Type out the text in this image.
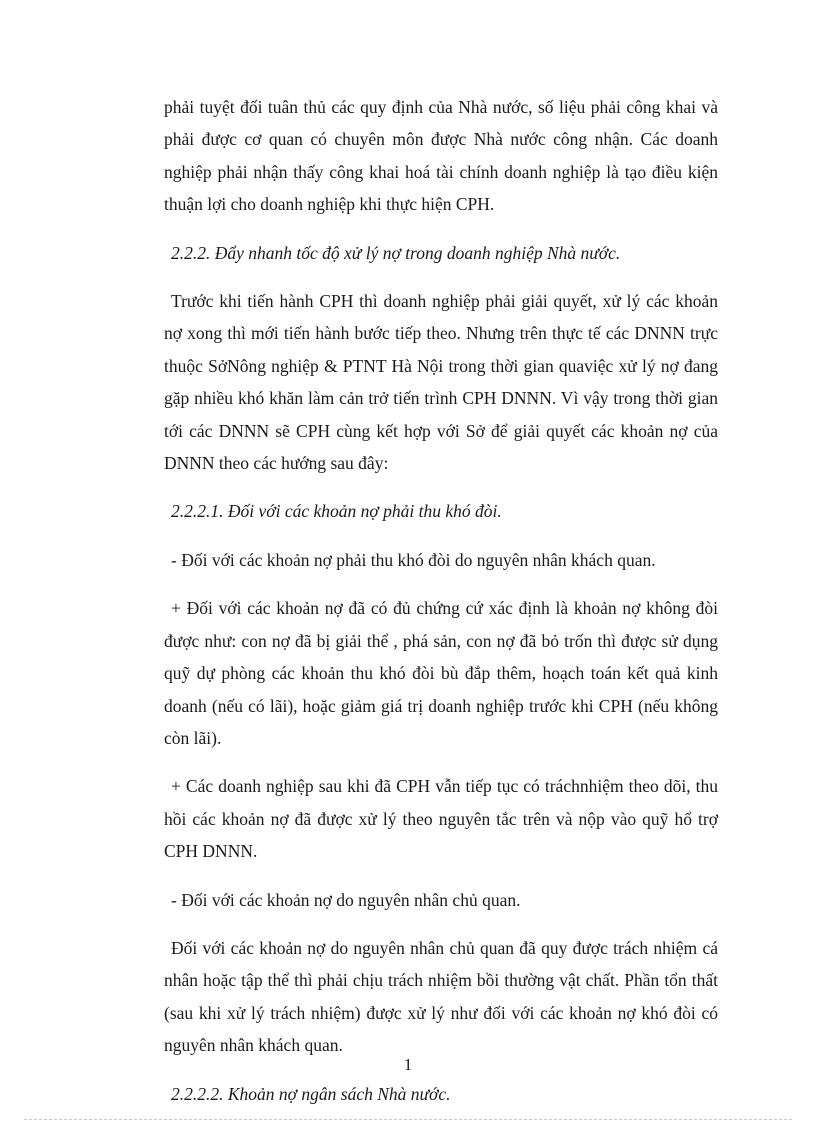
phải tuyệt đối tuân thủ các quy định của Nhà nước, số liệu phải công khai và phải được cơ quan có chuyên môn được Nhà nước công nhận. Các doanh nghiệp phải nhận thấy công khai hoá tài chính doanh nghiệp là tạo điều kiện thuận lợi cho doanh nghiệp khi thực hiện CPH.

2.2.2. Đẩy nhanh tốc độ xử lý nợ trong doanh nghiệp Nhà nước.

Trước khi tiến hành CPH thì doanh nghiệp phải giải quyết, xử lý các khoản nợ xong thì mới tiến hành bước tiếp theo. Nhưng trên thực tế các DNNN trực thuộc SởNông nghiệp & PTNT Hà Nội trong thời gian quaviệc xử lý nợ đang gặp nhiều khó khăn làm cản trở tiến trình CPH DNNN. Vì vậy trong thời gian tới các DNNN sẽ CPH cùng kết hợp với Sở để giải quyết các khoản nợ của DNNN theo các hướng sau đây:

2.2.2.1. Đối với các khoản nợ phải thu khó đòi.

- Đối với các khoản nợ phải thu khó đòi do nguyên nhân khách quan.

+ Đối với các khoản nợ đã có đủ chứng cứ xác định là khoản nợ không đòi được như: con nợ đã bị giải thể , phá sản, con nợ đã bỏ trốn thì được sử dụng quỹ dự phòng các khoản thu khó đòi bù đắp thêm, hoạch toán kết quả kinh doanh (nếu có lãi), hoặc giảm giá trị doanh nghiệp trước khi CPH (nếu không còn lãi).

+ Các doanh nghiệp sau khi đã CPH vẫn tiếp tục có tráchnhiệm theo dõi, thu hồi các khoản nợ đã được xử lý theo nguyên tắc trên và nộp vào quỹ hổ trợ CPH DNNN.

- Đối với các khoản nợ do nguyên nhân chủ quan.

Đối với các khoản nợ do nguyên nhân chủ quan đã quy được trách nhiệm cá nhân hoặc tập thể thì phải chịu trách nhiệm bồi thường vật chất. Phần tổn thất (sau khi xử lý trách nhiệm) được xử lý như đối với các khoản nợ khó đòi có nguyên nhân khách quan.

2.2.2.2. Khoản nợ ngân sách Nhà nước.

1
